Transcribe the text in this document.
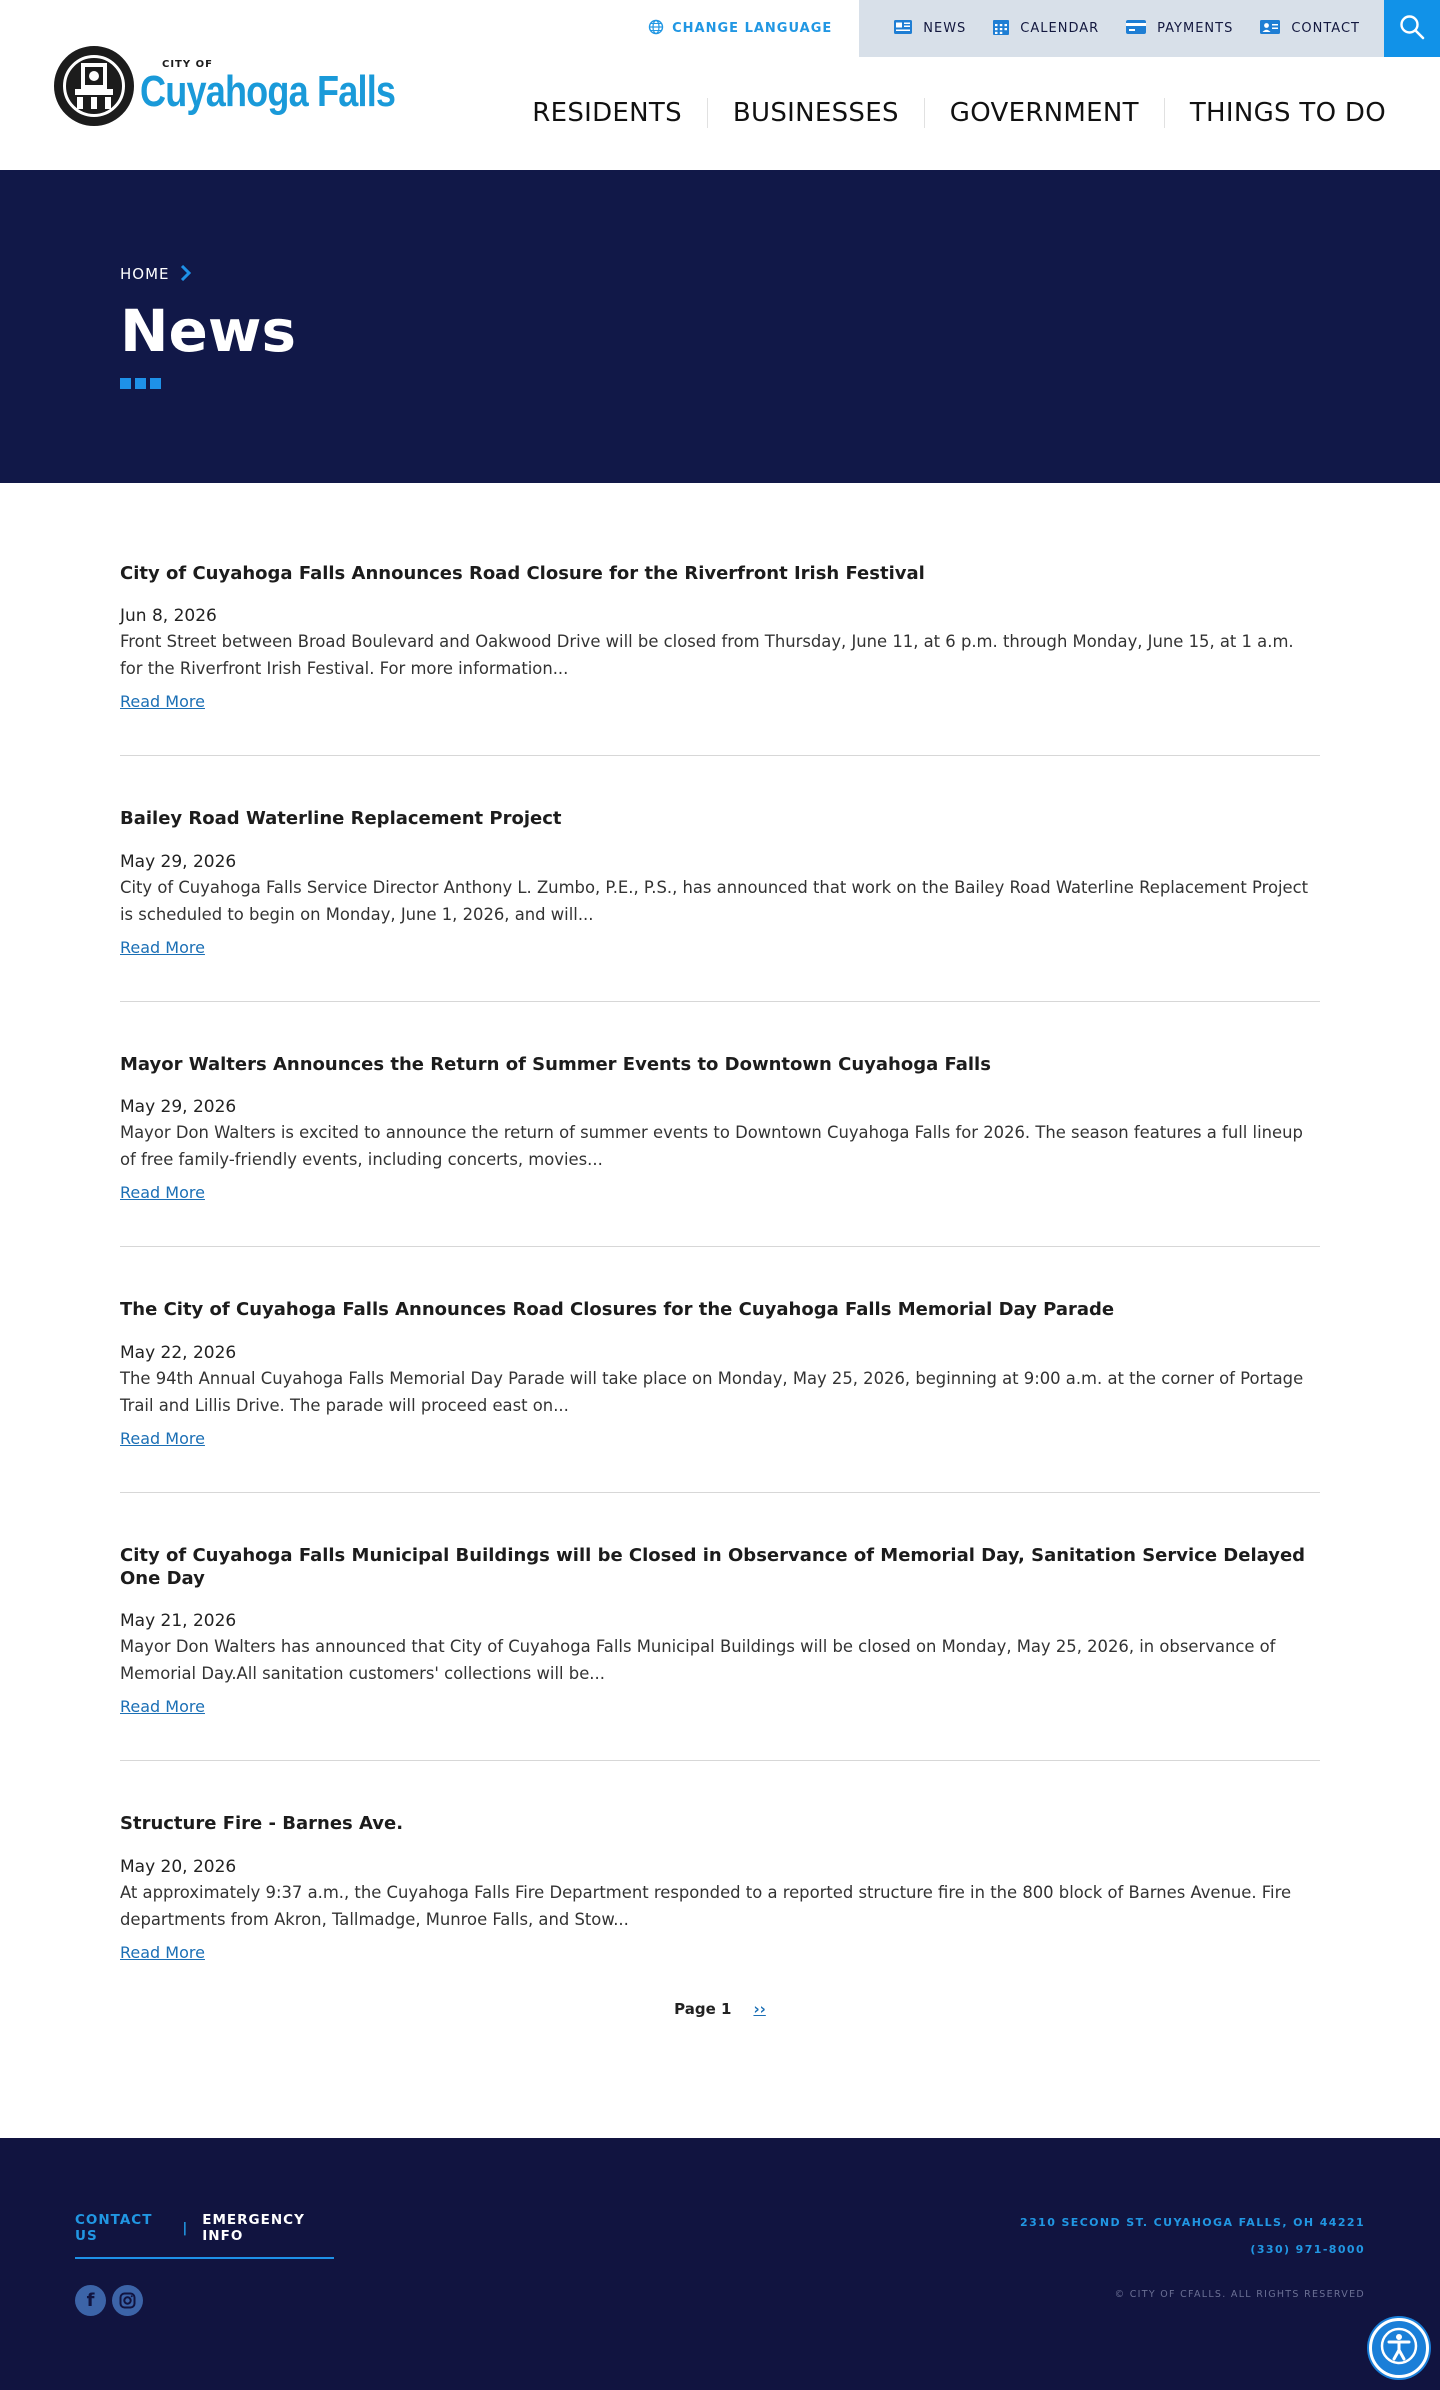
CHANGE LANGUAGE	NEWS	CALENDAR	PAYMENTS	CONTACT
CITY OF
Cuyahoga Falls	RESIDENTS	BUSINESSES	GOVERNMENT	THINGS TO DO
HOME
News
City of Cuyahoga Falls Announces Road Closure for the Riverfront Irish Festival
Jun 8, 2026

Front Street between Broad Boulevard and Oakwood Drive will be closed from Thursday, June 11, at 6 p.m. through Monday, June 15, at 1 a.m. for the Riverfront Irish Festival. For more information...

Read More
Bailey Road Waterline Replacement Project
May 29, 2026

City of Cuyahoga Falls Service Director Anthony L. Zumbo, P.E., P.S., has announced that work on the Bailey Road Waterline Replacement Project is scheduled to begin on Monday, June 1, 2026, and will...

Read More
Mayor Walters Announces the Return of Summer Events to Downtown Cuyahoga Falls
May 29, 2026

Mayor Don Walters is excited to announce the return of summer events to Downtown Cuyahoga Falls for 2026. The season features a full lineup of free family-friendly events, including concerts, movies...

Read More
The City of Cuyahoga Falls Announces Road Closures for the Cuyahoga Falls Memorial Day Parade
May 22, 2026

The 94th Annual Cuyahoga Falls Memorial Day Parade will take place on Monday, May 25, 2026, beginning at 9:00 a.m. at the corner of Portage Trail and Lillis Drive. The parade will proceed east on...

Read More
City of Cuyahoga Falls Municipal Buildings will be Closed in Observance of Memorial Day, Sanitation Service Delayed One Day
May 21, 2026

Mayor Don Walters has announced that City of Cuyahoga Falls Municipal Buildings will be closed on Monday, May 25, 2026, in observance of Memorial Day.All sanitation customers' collections will be...

Read More
Structure Fire - Barnes Ave.
May 20, 2026

At approximately 9:37 a.m., the Cuyahoga Falls Fire Department responded to a reported structure fire in the 800 block of Barnes Avenue. Fire departments from Akron, Tallmadge, Munroe Falls, and Stow...

Read More
Page 1 ››
CONTACT US	| EMERGENCY INFO
f
2310 SECOND ST. CUYAHOGA FALLS, OH 44221
(330) 971-8000
© CITY OF CFALLS. ALL RIGHTS RESERVED
